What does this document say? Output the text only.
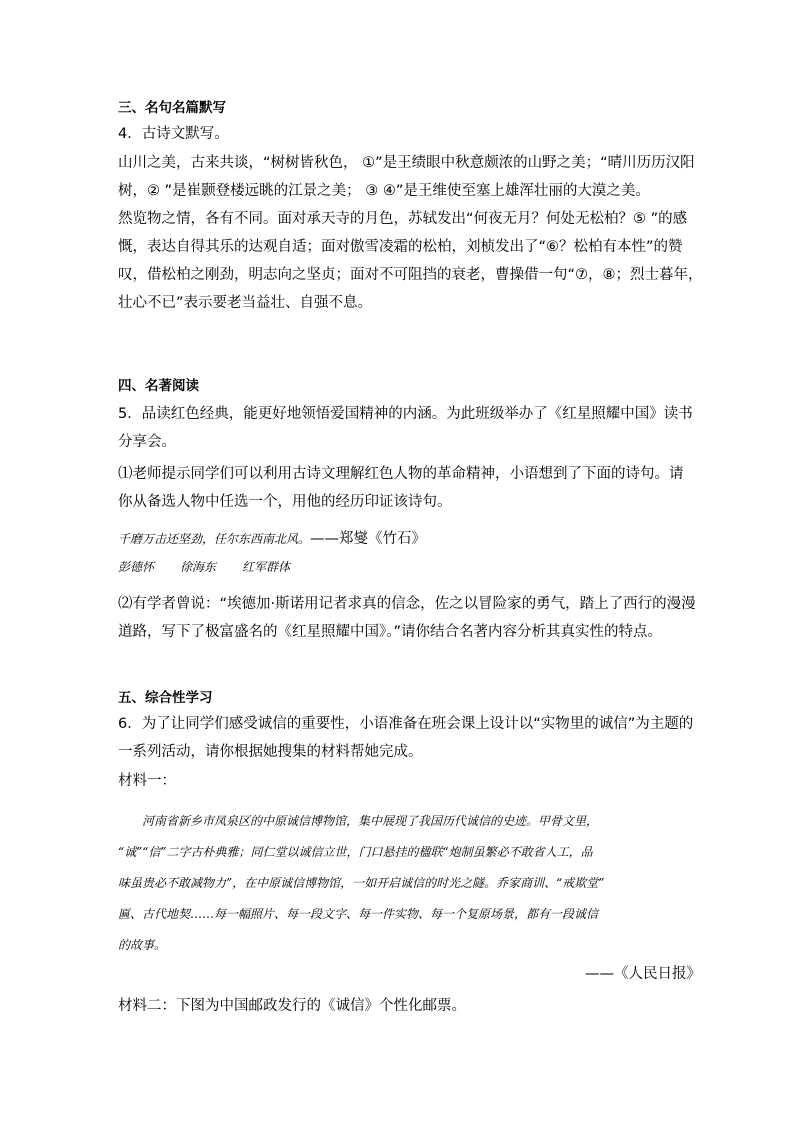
三、名句名篇默写
4．古诗文默写。
山川之美，古来共谈，“树树皆秋色， ①”是王绩眼中秋意颇浓的山野之美；“晴川历历汉阳
树，② ”是崔颢登楼远眺的江景之美； ③ ④”是王维使至塞上雄浑壮丽的大漠之美。
然览物之情，各有不同。面对承天寺的月色，苏轼发出“何夜无月？何处无松柏？⑤ ”的感
慨，表达自得其乐的达观自适；面对傲雪凌霜的松柏，刘桢发出了“⑥？松柏有本性”的赞
叹，借松柏之刚劲，明志向之坚贞；面对不可阻挡的衰老，曹操借一句“⑦，⑧；烈士暮年，
壮心不已”表示要老当益壮、自强不息。
四、名著阅读
5．品读红色经典，能更好地领悟爱国精神的内涵。为此班级举办了《红星照耀中国》读书
分享会。
⑴老师提示同学们可以利用古诗文理解红色人物的革命精神，小语想到了下面的诗句。请
你从备选人物中任选一个，用他的经历印证该诗句。
千磨万击还坚劲，任尔东西南北风。——郑燮《竹石》
彭德怀 徐海东 红军群体
⑵有学者曾说：“埃德加·斯诺用记者求真的信念，佐之以冒险家的勇气，踏上了西行的漫漫
道路，写下了极富盛名的《红星照耀中国》。”请你结合名著内容分析其真实性的特点。
五、综合性学习
6．为了让同学们感受诚信的重要性，小语准备在班会课上设计以“实物里的诚信”为主题的
一系列活动，请你根据她搜集的材料帮她完成。
材料一：
河南省新乡市凤泉区的中原诚信博物馆，集中展现了我国历代诚信的史迹。甲骨文里，
“诚”“信”二字古朴典雅；同仁堂以诚信立世，门口悬挂的楹联“炮制虽繁必不敢省人工，品
味虽贵必不敢减物力”，在中原诚信博物馆，一如开启诚信的时光之隧。乔家商训、“戒欺堂”
匾、古代地契……每一幅照片、每一段文字、每一件实物、每一个复原场景，都有一段诚信
的故事。
——《人民日报》
材料二：下图为中国邮政发行的《诚信》个性化邮票。
